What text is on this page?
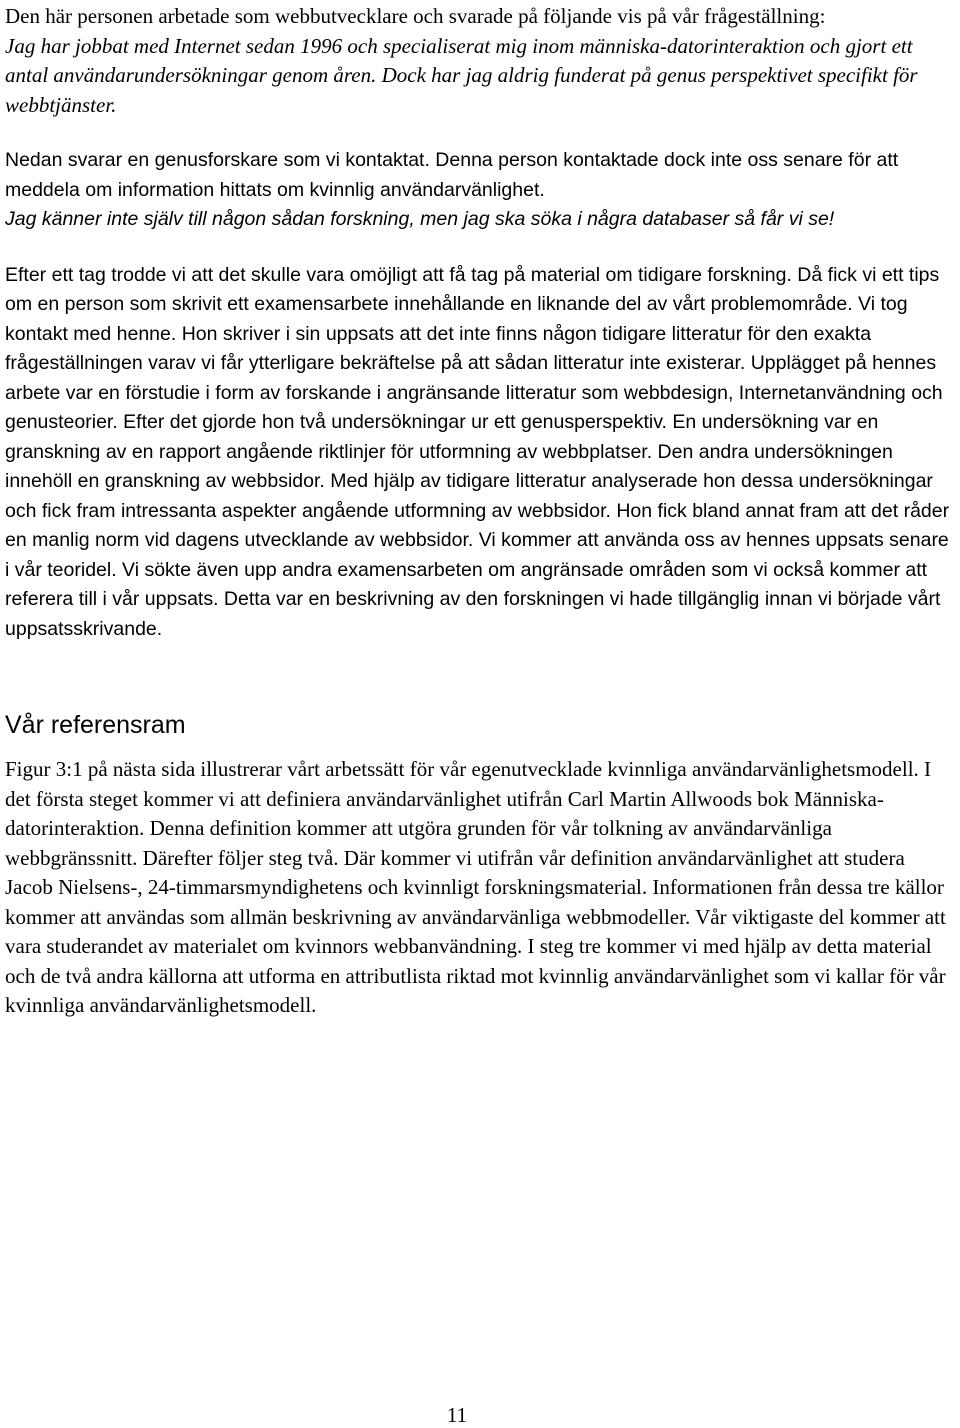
Den här personen arbetade som webbutvecklare och svarade på följande vis på vår frågeställning:

Jag har jobbat med Internet sedan 1996 och specialiserat mig inom människa-datorinteraktion och gjort ett antal användarundersökningar genom åren. Dock har jag aldrig funderat på genus perspektivet specifikt för webbtjänster.

Nedan svarar en genusforskare som vi kontaktat. Denna person kontaktade dock inte oss senare för att meddela om information hittats om kvinnlig användarvänlighet.

Jag känner inte själv till någon sådan forskning, men jag ska söka i några databaser så får vi se!

Efter ett tag trodde vi att det skulle vara omöjligt att få tag på material om tidigare forskning. Då fick vi ett tips om en person som skrivit ett examensarbete innehållande en liknande del av vårt problemområde. Vi tog kontakt med henne. Hon skriver i sin uppsats att det inte finns någon tidigare litteratur för den exakta frågeställningen varav vi får ytterligare bekräftelse på att sådan litteratur inte existerar. Upplägget på hennes arbete var en förstudie i form av forskande i angränsande litteratur som webbdesign, Internetanvändning och genusteorier. Efter det gjorde hon två undersökningar ur ett genusperspektiv. En undersökning var en granskning av en rapport angående riktlinjer för utformning av webbplatser. Den andra undersökningen innehöll en granskning av webbsidor. Med hjälp av tidigare litteratur analyserade hon dessa undersökningar och fick fram intressanta aspekter angående utformning av webbsidor. Hon fick bland annat fram att det råder en manlig norm vid dagens utvecklande av webbsidor. Vi kommer att använda oss av hennes uppsats senare i vår teoridel. Vi sökte även upp andra examensarbeten om angränsade områden som vi också kommer att referera till i vår uppsats. Detta var en beskrivning av den forskningen vi hade tillgänglig innan vi började vårt uppsatsskrivande.

Vår referensram

Figur 3:1 på nästa sida illustrerar vårt arbetssätt för vår egenutvecklade kvinnliga användarvänlighetsmodell. I det första steget kommer vi att definiera användarvänlighet utifrån Carl Martin Allwoods bok Människa-datorinteraktion. Denna definition kommer att utgöra grunden för vår tolkning av användarvänliga webbgränssnitt. Därefter följer steg två. Där kommer vi utifrån vår definition användarvänlighet att studera Jacob Nielsens-, 24-timmarsmyndighetens och kvinnligt forskningsmaterial. Informationen från dessa tre källor kommer att användas som allmän beskrivning av användarvänliga webbmodeller. Vår viktigaste del kommer att vara studerandet av materialet om kvinnors webbanvändning. I steg tre kommer vi med hjälp av detta material och de två andra källorna att utforma en attributlista riktad mot kvinnlig användarvänlighet som vi kallar för vår kvinnliga användarvänlighetsmodell.

11
